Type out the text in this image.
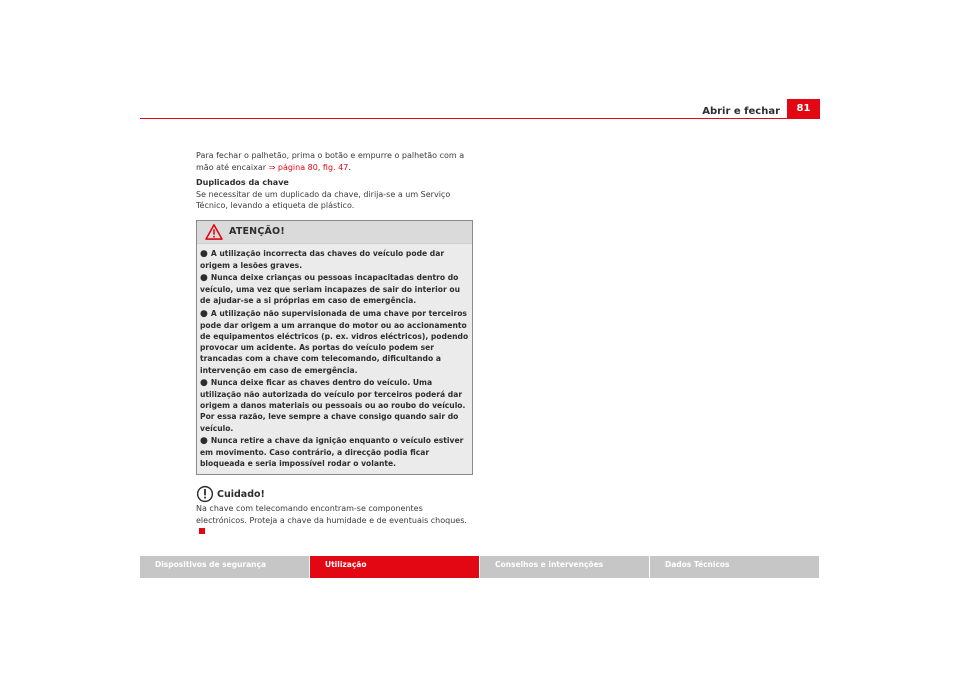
Abrir e fechar	81

Para fechar o palhetão, prima o botão e empurre o palhetão com a mão até encaixar ⇒ página 80, fig. 47.

Duplicados da chave

Se necessitar de um duplicado da chave, dirija-se a um Serviço Técnico, levando a etiqueta de plástico.

ATENÇÃO!

● A utilização incorrecta das chaves do veículo pode dar origem a lesões graves.

● Nunca deixe crianças ou pessoas incapacitadas dentro do veículo, uma vez que seriam incapazes de sair do interior ou de ajudar-se a si próprias em caso de emergência.

● A utilização não supervisionada de uma chave por terceiros pode dar origem a um arranque do motor ou ao accionamento de equipamentos eléctricos (p. ex. vidros eléctricos), podendo provocar um acidente. As portas do veículo podem ser trancadas com a chave com telecomando, dificultando a intervenção em caso de emergência.

● Nunca deixe ficar as chaves dentro do veículo. Uma utilização não autorizada do veículo por terceiros poderá dar origem a danos materiais ou pessoais ou ao roubo do veículo. Por essa razão, leve sempre a chave consigo quando sair do veículo.

● Nunca retire a chave da ignição enquanto o veículo estiver em movimento. Caso contrário, a direcção podia ficar bloqueada e seria impossível rodar o volante.

Cuidado!

Na chave com telecomando encontram-se componentes electrónicos. Proteja a chave da humidade e de eventuais choques.

Dispositivos de segurança	Utilização	Conselhos e intervenções	Dados Técnicos
